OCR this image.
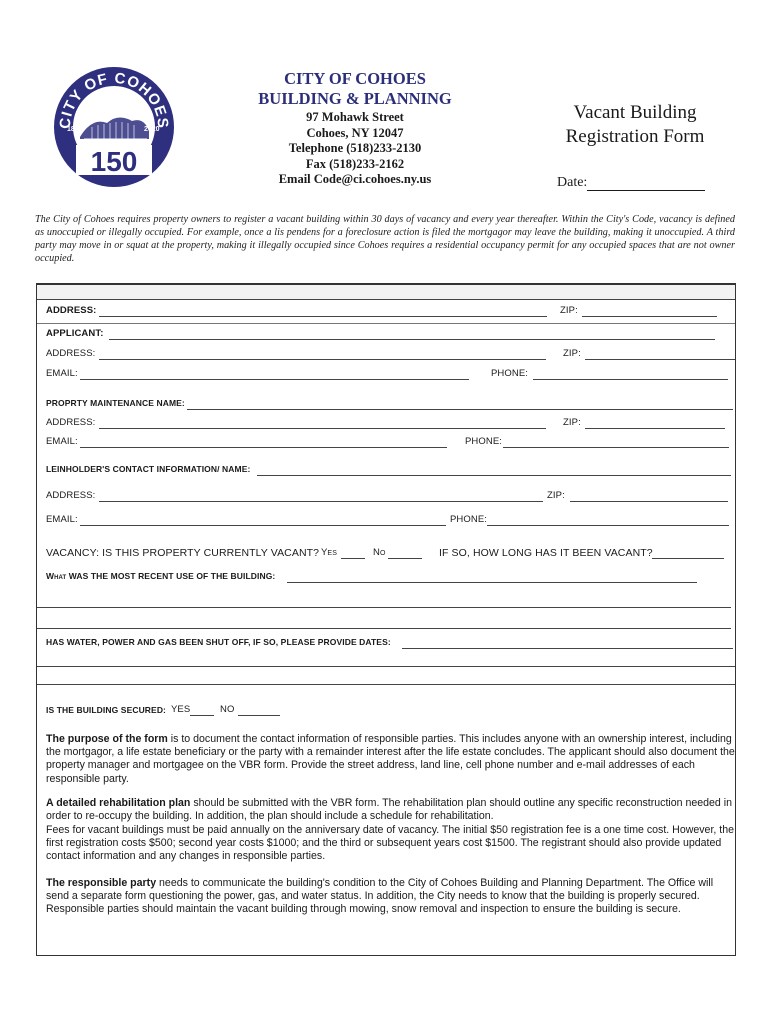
CITY OF COHOES
1870	2020
150
CITY OF COHOES
BUILDING & PLANNING
97 Mohawk Street
Cohoes, NY 12047
Telephone (518)233-2130
Fax (518)233-2162
Email Code@ci.cohoes.ny.us
Vacant Building
Registration Form
Date:
The City of Cohoes requires property owners to register a vacant building within 30 days of vacancy and every year thereafter. Within the City's Code, vacancy is defined as unoccupied or illegally occupied. For example, once a lis pendens for a foreclosure action is filed the mortgagor may leave the building, making it unoccupied. A third party may move in or squat at the property, making it illegally occupied since Cohoes requires a residential occupancy permit for any occupied spaces that are not owner occupied.
ADDRESS:	ZIP:
APPLICANT:
ADDRESS:	ZIP:
EMAIL:	PHONE:
PROPRTY MAINTENANCE NAME:
ADDRESS:	ZIP:
EMAIL:	PHONE:
LEINHOLDER'S CONTACT INFORMATION/ NAME:
ADDRESS:	ZIP:
EMAIL:	PHONE:
VACANCY: IS THIS PROPERTY CURRENTLY VACANT? Yes	No	IF SO, HOW LONG HAS IT BEEN VACANT?
What WAS THE MOST RECENT USE OF THE BUILDING:
HAS WATER, POWER AND GAS BEEN SHUT OFF, IF SO, PLEASE PROVIDE DATES:
IS THE BUILDING SECURED: YES	NO
The purpose of the form is to document the contact information of responsible parties. This includes anyone with an ownership interest, including the mortgagor, a life estate beneficiary or the party with a remainder interest after the life estate concludes. The applicant should also document the property manager and mortgagee on the VBR form. Provide the street address, land line, cell phone number and e-mail addresses of each responsible party.
A detailed rehabilitation plan should be submitted with the VBR form. The rehabilitation plan should outline any specific reconstruction needed in order to re-occupy the building. In addition, the plan should include a schedule for rehabilitation.
Fees for vacant buildings must be paid annually on the anniversary date of vacancy. The initial $50 registration fee is a one time cost. However, the first registration costs $500; second year costs $1000; and the third or subsequent years cost $1500. The registrant should also provide updated contact information and any changes in responsible parties.
The responsible party needs to communicate the building's condition to the City of Cohoes Building and Planning Department. The Office will send a separate form questioning the power, gas, and water status. In addition, the City needs to know that the building is properly secured. Responsible parties should maintain the vacant building through mowing, snow removal and inspection to ensure the building is secure.
